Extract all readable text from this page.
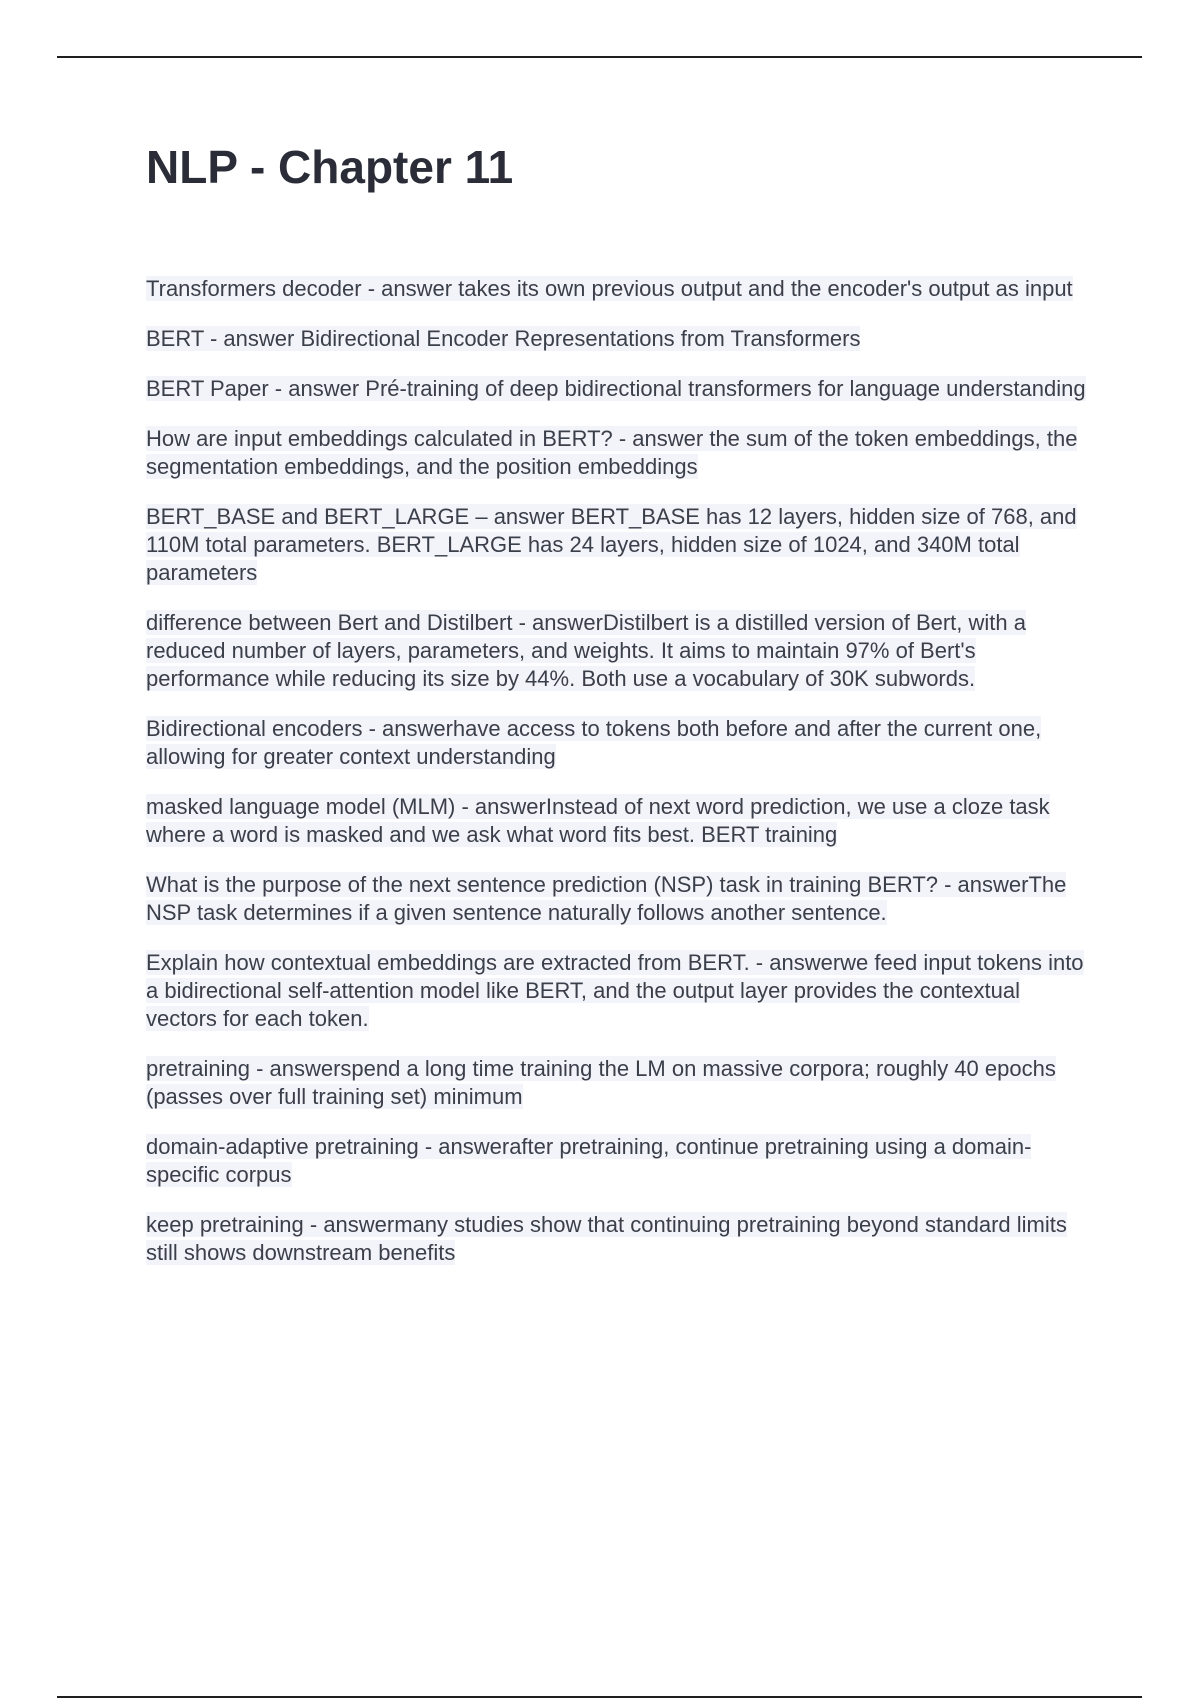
NLP - Chapter 11

Transformers decoder - answer takes its own previous output and the encoder's output as input

BERT - answer Bidirectional Encoder Representations from Transformers

BERT Paper - answer Pré-training of deep bidirectional transformers for language understanding

How are input embeddings calculated in BERT? - answer the sum of the token embeddings, the segmentation embeddings, and the position embeddings

BERT_BASE and BERT_LARGE – answer BERT_BASE has 12 layers, hidden size of 768, and 110M total parameters. BERT_LARGE has 24 layers, hidden size of 1024, and 340M total parameters

difference between Bert and Distilbert - answerDistilbert is a distilled version of Bert, with a reduced number of layers, parameters, and weights. It aims to maintain 97% of Bert's performance while reducing its size by 44%. Both use a vocabulary of 30K subwords.

Bidirectional encoders - answerhave access to tokens both before and after the current one, allowing for greater context understanding

masked language model (MLM) - answerInstead of next word prediction, we use a cloze task where a word is masked and we ask what word fits best. BERT training

What is the purpose of the next sentence prediction (NSP) task in training BERT? - answerThe NSP task determines if a given sentence naturally follows another sentence.

Explain how contextual embeddings are extracted from BERT. - answerwe feed input tokens into a bidirectional self-attention model like BERT, and the output layer provides the contextual vectors for each token.

pretraining - answerspend a long time training the LM on massive corpora; roughly 40 epochs (passes over full training set) minimum

domain-adaptive pretraining - answerafter pretraining, continue pretraining using a domain-specific corpus

keep pretraining - answermany studies show that continuing pretraining beyond standard limits still shows downstream benefits
